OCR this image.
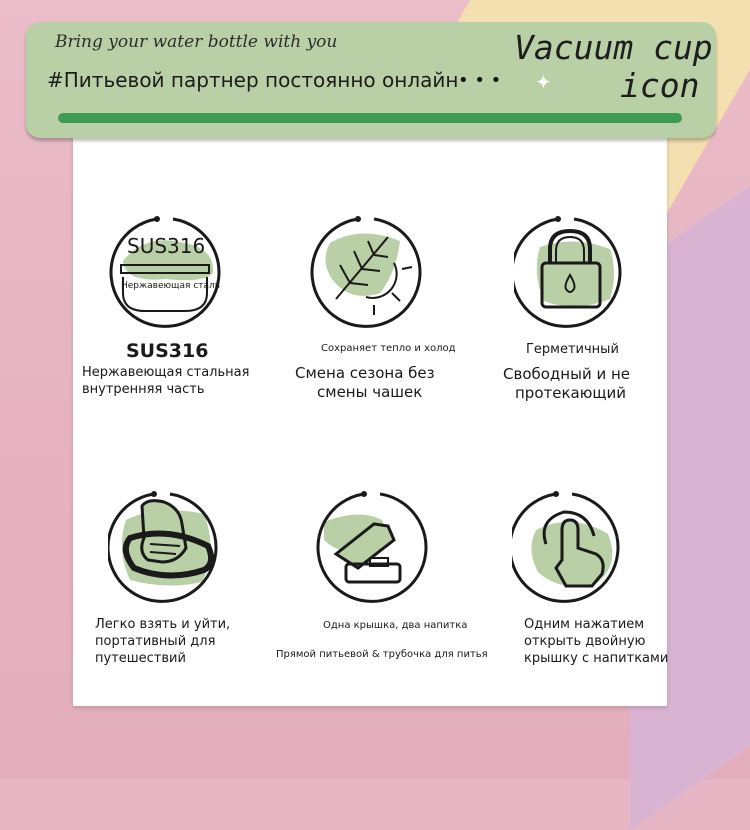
Bring your water bottle with you
#Питьевой партнер постоянно онлайн • • • ✦
Vacuum cup
icon
SUS316
Нержавеющая сталь
SUS316
Нержавеющая стальная
внутренняя часть
Сохраняет тепло и холод
Смена сезона без
смены чашек
Герметичный
Свободный и не
протекающий
Легко взять и уйти,
портативный для
путешествий
Одна крышка, два напитка
Прямой питьевой & трубочка для питья
Одним нажатием
открыть двойную
крышку с напитками
